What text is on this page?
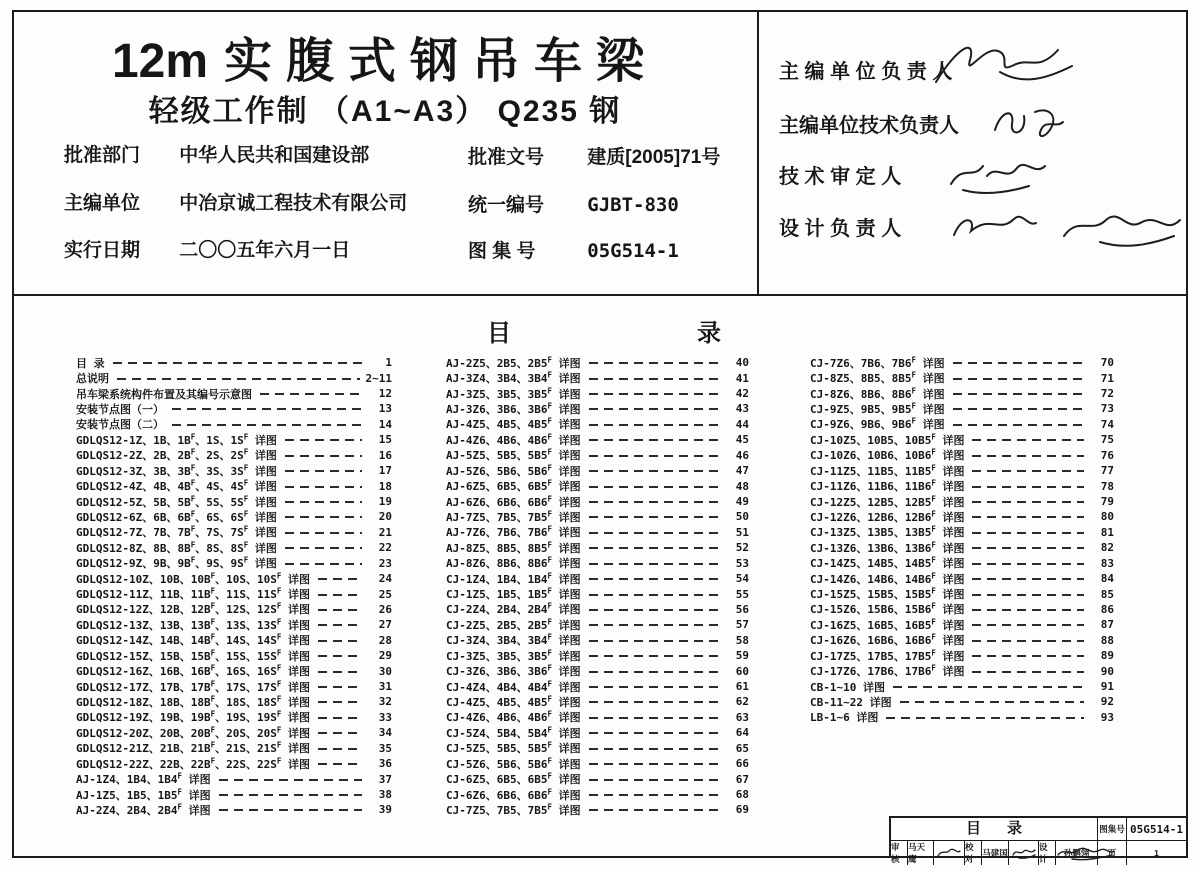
12m 实腹式钢吊车梁
轻级工作制 （A1~A3） Q235 钢
批准部门 中华人民共和国建设部
主编单位 中冶京诚工程技术有限公司
实行日期 二〇〇五年六月一日
批准文号 建质[2005]71号
统一编号 GJBT-830
图 集 号	05G514-1
主 编 单 位 负 责 人
主编单位技术负责人
技 术 审 定 人
设 计 负 责 人
目录
目 录	1
总说明	2~11
吊车梁系统构件布置及其编号示意图	12
安装节点图（一）	13
安装节点图（二）	14
GDLQS12-1Z、1B、$1B^F$、1S、$1S^F$ 详图	15
GDLQS12-2Z、2B、$2B^F$、2S、$2S^F$ 详图	16
GDLQS12-3Z、3B、$3B^F$、3S、$3S^F$ 详图	17
GDLQS12-4Z、4B、$4B^F$、4S、$4S^F$ 详图	18
GDLQS12-5Z、5B、$5B^F$、5S、$5S^F$ 详图	19
GDLQS12-6Z、6B、$6B^F$、6S、$6S^F$ 详图	20
GDLQS12-7Z、7B、$7B^F$、7S、$7S^F$ 详图	21
GDLQS12-8Z、8B、$8B^F$、8S、$8S^F$ 详图	22
GDLQS12-9Z、9B、$9B^F$、9S、$9S^F$ 详图	23
GDLQS12-10Z、10B、$10B^F$、10S、$10S^F$ 详图	24
GDLQS12-11Z、11B、$11B^F$、11S、$11S^F$ 详图	25
GDLQS12-12Z、12B、$12B^F$、12S、$12S^F$ 详图	26
GDLQS12-13Z、13B、$13B^F$、13S、$13S^F$ 详图	27
GDLQS12-14Z、14B、$14B^F$、14S、$14S^F$ 详图	28
GDLQS12-15Z、15B、$15B^F$、15S、$15S^F$ 详图	29
GDLQS12-16Z、16B、$16B^F$、16S、$16S^F$ 详图	30
GDLQS12-17Z、17B、$17B^F$、17S、$17S^F$ 详图	31
GDLQS12-18Z、18B、$18B^F$、18S、$18S^F$ 详图	32
GDLQS12-19Z、19B、$19B^F$、19S、$19S^F$ 详图	33
GDLQS12-20Z、20B、$20B^F$、20S、$20S^F$ 详图	34
GDLQS12-21Z、21B、$21B^F$、21S、$21S^F$ 详图	35
GDLQS12-22Z、22B、$22B^F$、22S、$22S^F$ 详图	36
AJ-1Z4、1B4、$1B4^F$ 详图	37
AJ-1Z5、1B5、$1B5^F$ 详图	38
AJ-2Z4、2B4、$2B4^F$ 详图	39
AJ-2Z5、2B5、$2B5^F$ 详图	40
AJ-3Z4、3B4、$3B4^F$ 详图	41
AJ-3Z5、3B5、$3B5^F$ 详图	42
AJ-3Z6、3B6、$3B6^F$ 详图	43
AJ-4Z5、4B5、$4B5^F$ 详图	44
AJ-4Z6、4B6、$4B6^F$ 详图	45
AJ-5Z5、5B5、$5B5^F$ 详图	46
AJ-5Z6、5B6、$5B6^F$ 详图	47
AJ-6Z5、6B5、$6B5^F$ 详图	48
AJ-6Z6、6B6、$6B6^F$ 详图	49
AJ-7Z5、7B5、$7B5^F$ 详图	50
AJ-7Z6、7B6、$7B6^F$ 详图	51
AJ-8Z5、8B5、$8B5^F$ 详图	52
AJ-8Z6、8B6、$8B6^F$ 详图	53
CJ-1Z4、1B4、$1B4^F$ 详图	54
CJ-1Z5、1B5、$1B5^F$ 详图	55
CJ-2Z4、2B4、$2B4^F$ 详图	56
CJ-2Z5、2B5、$2B5^F$ 详图	57
CJ-3Z4、3B4、$3B4^F$ 详图	58
CJ-3Z5、3B5、$3B5^F$ 详图	59
CJ-3Z6、3B6、$3B6^F$ 详图	60
CJ-4Z4、4B4、$4B4^F$ 详图	61
CJ-4Z5、4B5、$4B5^F$ 详图	62
CJ-4Z6、4B6、$4B6^F$ 详图	63
CJ-5Z4、5B4、$5B4^F$ 详图	64
CJ-5Z5、5B5、$5B5^F$ 详图	65
CJ-5Z6、5B6、$5B6^F$ 详图	66
CJ-6Z5、6B5、$6B5^F$ 详图	67
CJ-6Z6、6B6、$6B6^F$ 详图	68
CJ-7Z5、7B5、$7B5^F$ 详图	69
CJ-7Z6、7B6、$7B6^F$ 详图	70
CJ-8Z5、8B5、$8B5^F$ 详图	71
CJ-8Z6、8B6、$8B6^F$ 详图	72
CJ-9Z5、9B5、$9B5^F$ 详图	73
CJ-9Z6、9B6、$9B6^F$ 详图	74
CJ-10Z5、10B5、$10B5^F$ 详图	75
CJ-10Z6、10B6、$10B6^F$ 详图	76
CJ-11Z5、11B5、$11B5^F$ 详图	77
CJ-11Z6、11B6、$11B6^F$ 详图	78
CJ-12Z5、12B5、$12B5^F$ 详图	79
CJ-12Z6、12B6、$12B6^F$ 详图	80
CJ-13Z5、13B5、$13B5^F$ 详图	81
CJ-13Z6、13B6、$13B6^F$ 详图	82
CJ-14Z5、14B5、$14B5^F$ 详图	83
CJ-14Z6、14B6、$14B6^F$ 详图	84
CJ-15Z5、15B5、$15B5^F$ 详图	85
CJ-15Z6、15B6、$15B6^F$ 详图	86
CJ-16Z5、16B5、$16B5^F$ 详图	87
CJ-16Z6、16B6、$16B6^F$ 详图	88
CJ-17Z5、17B5、$17B5^F$ 详图	89
CJ-17Z6、17B6、$17B6^F$ 详图	90
CB-1~10 详图	91
CB-11~22 详图	92
LB-1~6 详图	93
目录	图集号 05G514-1
审核
马天鹰
校对
马建国
设计
孙鹏翎	页	1
